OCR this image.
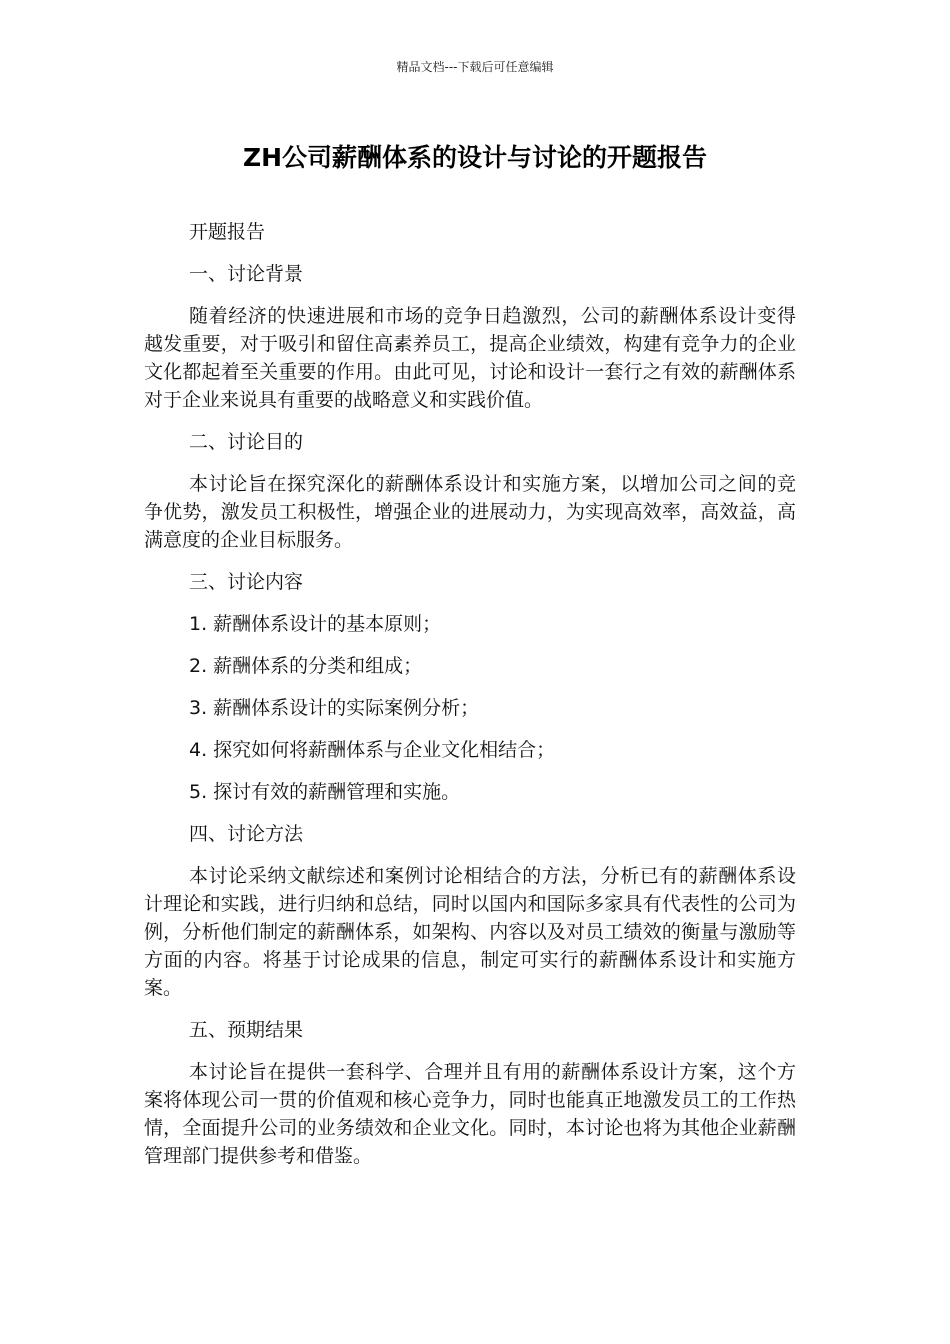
精品文档---下载后可任意编辑
ZH公司薪酬体系的设计与讨论的开题报告

开题报告

一、讨论背景

随着经济的快速进展和市场的竞争日趋激烈，公司的薪酬体系设计变得越发重要，对于吸引和留住高素养员工，提高企业绩效，构建有竞争力的企业文化都起着至关重要的作用。由此可见，讨论和设计一套行之有效的薪酬体系对于企业来说具有重要的战略意义和实践价值。

二、讨论目的

本讨论旨在探究深化的薪酬体系设计和实施方案，以增加公司之间的竞争优势，激发员工积极性，增强企业的进展动力，为实现高效率，高效益，高满意度的企业目标服务。

三、讨论内容

1. 薪酬体系设计的基本原则；

2. 薪酬体系的分类和组成；

3. 薪酬体系设计的实际案例分析；

4. 探究如何将薪酬体系与企业文化相结合；

5. 探讨有效的薪酬管理和实施。

四、讨论方法

本讨论采纳文献综述和案例讨论相结合的方法，分析已有的薪酬体系设计理论和实践，进行归纳和总结，同时以国内和国际多家具有代表性的公司为例，分析他们制定的薪酬体系，如架构、内容以及对员工绩效的衡量与激励等方面的内容。将基于讨论成果的信息，制定可实行的薪酬体系设计和实施方案。

五、预期结果

本讨论旨在提供一套科学、合理并且有用的薪酬体系设计方案，这个方案将体现公司一贯的价值观和核心竞争力，同时也能真正地激发员工的工作热情，全面提升公司的业务绩效和企业文化。同时，本讨论也将为其他企业薪酬管理部门提供参考和借鉴。
